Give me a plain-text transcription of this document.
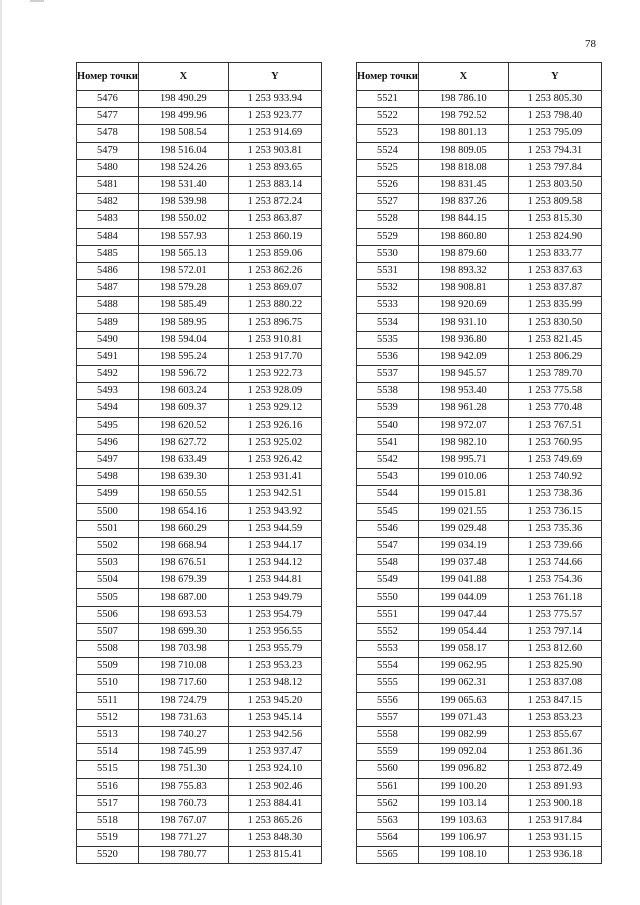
78
Номер точки	X	Y
5476	198 490.29	1 253 933.94
5477	198 499.96	1 253 923.77
5478	198 508.54	1 253 914.69
5479	198 516.04	1 253 903.81
5480	198 524.26	1 253 893.65
5481	198 531.40	1 253 883.14
5482	198 539.98	1 253 872.24
5483	198 550.02	1 253 863.87
5484	198 557.93	1 253 860.19
5485	198 565.13	1 253 859.06
5486	198 572.01	1 253 862.26
5487	198 579.28	1 253 869.07
5488	198 585.49	1 253 880.22
5489	198 589.95	1 253 896.75
5490	198 594.04	1 253 910.81
5491	198 595.24	1 253 917.70
5492	198 596.72	1 253 922.73
5493	198 603.24	1 253 928.09
5494	198 609.37	1 253 929.12
5495	198 620.52	1 253 926.16
5496	198 627.72	1 253 925.02
5497	198 633.49	1 253 926.42
5498	198 639.30	1 253 931.41
5499	198 650.55	1 253 942.51
5500	198 654.16	1 253 943.92
5501	198 660.29	1 253 944.59
5502	198 668.94	1 253 944.17
5503	198 676.51	1 253 944.12
5504	198 679.39	1 253 944.81
5505	198 687.00	1 253 949.79
5506	198 693.53	1 253 954.79
5507	198 699.30	1 253 956.55
5508	198 703.98	1 253 955.79
5509	198 710.08	1 253 953.23
5510	198 717.60	1 253 948.12
5511	198 724.79	1 253 945.20
5512	198 731.63	1 253 945.14
5513	198 740.27	1 253 942.56
5514	198 745.99	1 253 937.47
5515	198 751.30	1 253 924.10
5516	198 755.83	1 253 902.46
5517	198 760.73	1 253 884.41
5518	198 767.07	1 253 865.26
5519	198 771.27	1 253 848.30
5520	198 780.77	1 253 815.41
Номер точки	X	Y
5521	198 786.10	1 253 805.30
5522	198 792.52	1 253 798.40
5523	198 801.13	1 253 795.09
5524	198 809.05	1 253 794.31
5525	198 818.08	1 253 797.84
5526	198 831.45	1 253 803.50
5527	198 837.26	1 253 809.58
5528	198 844.15	1 253 815.30
5529	198 860.80	1 253 824.90
5530	198 879.60	1 253 833.77
5531	198 893.32	1 253 837.63
5532	198 908.81	1 253 837.87
5533	198 920.69	1 253 835.99
5534	198 931.10	1 253 830.50
5535	198 936.80	1 253 821.45
5536	198 942.09	1 253 806.29
5537	198 945.57	1 253 789.70
5538	198 953.40	1 253 775.58
5539	198 961.28	1 253 770.48
5540	198 972.07	1 253 767.51
5541	198 982.10	1 253 760.95
5542	198 995.71	1 253 749.69
5543	199 010.06	1 253 740.92
5544	199 015.81	1 253 738.36
5545	199 021.55	1 253 736.15
5546	199 029.48	1 253 735.36
5547	199 034.19	1 253 739.66
5548	199 037.48	1 253 744.66
5549	199 041.88	1 253 754.36
5550	199 044.09	1 253 761.18
5551	199 047.44	1 253 775.57
5552	199 054.44	1 253 797.14
5553	199 058.17	1 253 812.60
5554	199 062.95	1 253 825.90
5555	199 062.31	1 253 837.08
5556	199 065.63	1 253 847.15
5557	199 071.43	1 253 853.23
5558	199 082.99	1 253 855.67
5559	199 092.04	1 253 861.36
5560	199 096.82	1 253 872.49
5561	199 100.20	1 253 891.93
5562	199 103.14	1 253 900.18
5563	199 103.63	1 253 917.84
5564	199 106.97	1 253 931.15
5565	199 108.10	1 253 936.18
